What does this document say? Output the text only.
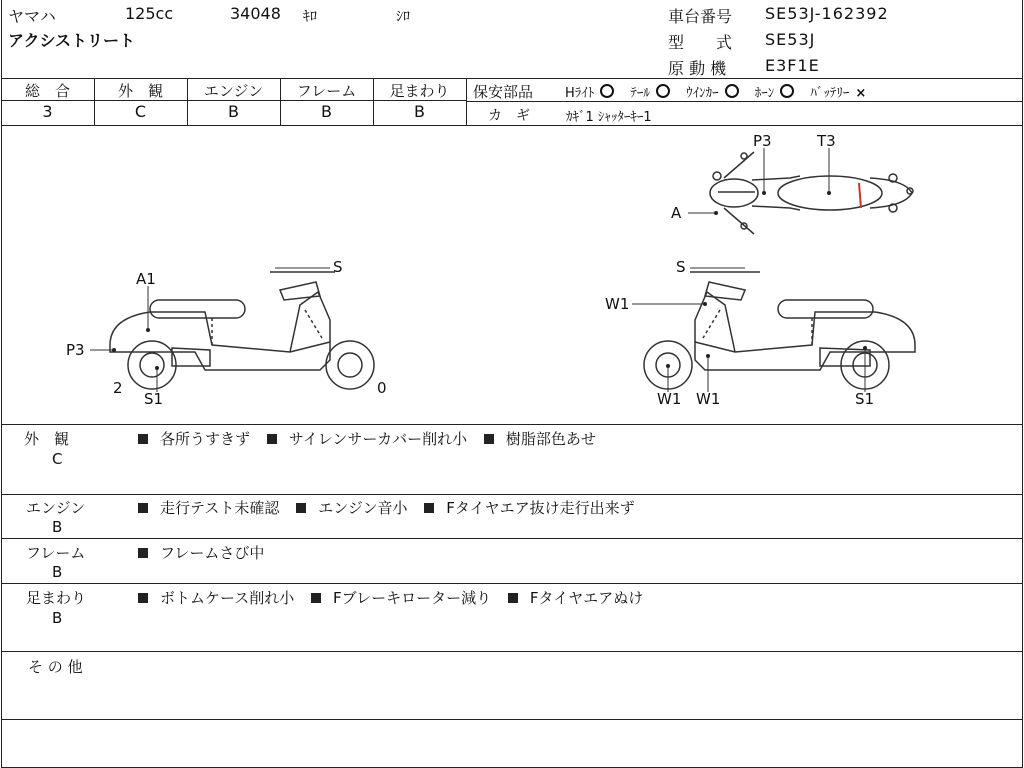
ヤマハ	125cc	34048 ｷﾛ	ｼﾛ
アクシストリート
車台番号 SE53J-162392
型　　式 SE53J
原 動 機 E3F1E
総　合	外　観	エンジン	フレーム	足まわり
3	C	B	B	B
保安部品 Hﾗｲﾄ	ﾃｰﾙ	ｳｲﾝｶｰ	ﾎｰﾝ	ﾊﾞｯﾃﾘｰ ×
カ　ギ	ｶｷﾞ1 ｼｬｯﾀｰｷｰ1
P3	T3
A
A1
P3
S
S1
2	0
S
W1
W1 W1	S1
外　観
C
各所うすきず	サイレンサーカバー削れ小	樹脂部色あせ
エンジン
B
走行テスト未確認	エンジン音小	Fタイヤエア抜け走行出来ず
フレーム
B
フレームさび中
足まわり
B
ボトムケース削れ小	Fブレーキローター減り	Fタイヤエアぬけ
そ の 他
